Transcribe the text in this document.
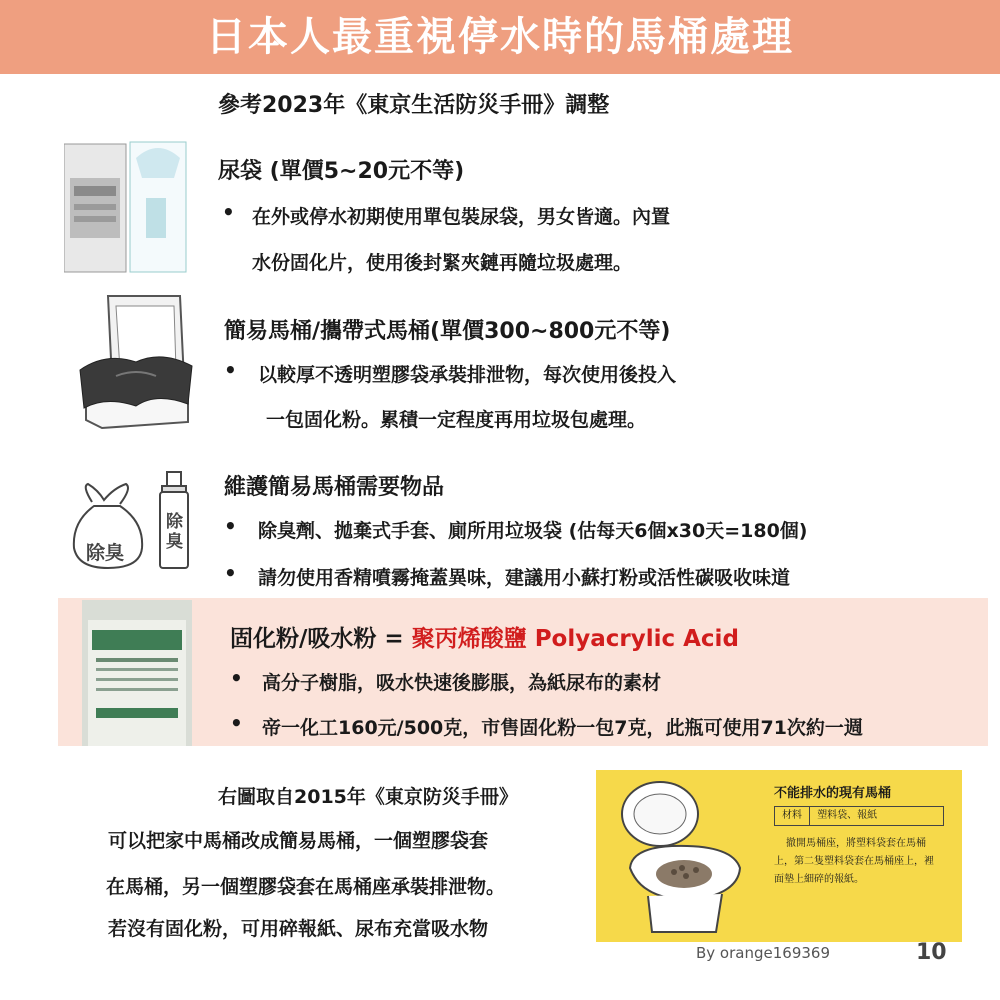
日本人最重視停水時的馬桶處理
參考2023年《東京生活防災手冊》調整
尿袋 (單價5~20元不等)
• 在外或停水初期使用單包裝尿袋，男女皆適。內置
水份固化片，使用後封緊夾鏈再隨垃圾處理。
簡易馬桶/攜帶式馬桶(單價300~800元不等)
• 以較厚不透明塑膠袋承裝排泄物，每次使用後投入
一包固化粉。累積一定程度再用垃圾包處理。
除臭
除臭
維護簡易馬桶需要物品
• 除臭劑、拋棄式手套、廁所用垃圾袋 (估每天6個x30天=180個)
• 請勿使用香精噴霧掩蓋異味，建議用小蘇打粉或活性碳吸收味道
固化粉/吸水粉 = 聚丙烯酸鹽 Polyacrylic Acid
• 高分子樹脂，吸水快速後膨脹，為紙尿布的素材
• 帝一化工160元/500克，市售固化粉一包7克，此瓶可使用71次約一週
右圖取自2015年《東京防災手冊》
可以把家中馬桶改成簡易馬桶，一個塑膠袋套
在馬桶，另一個塑膠袋套在馬桶座承裝排泄物。
若沒有固化粉，可用碎報紙、尿布充當吸水物
不能排水的現有馬桶
材料 塑料袋、報紙
撤開馬桶座，將塑料袋套在馬桶
上，第二隻塑料袋套在馬桶座上，裡
面墊上細碎的報紙。
By orange169369	10
